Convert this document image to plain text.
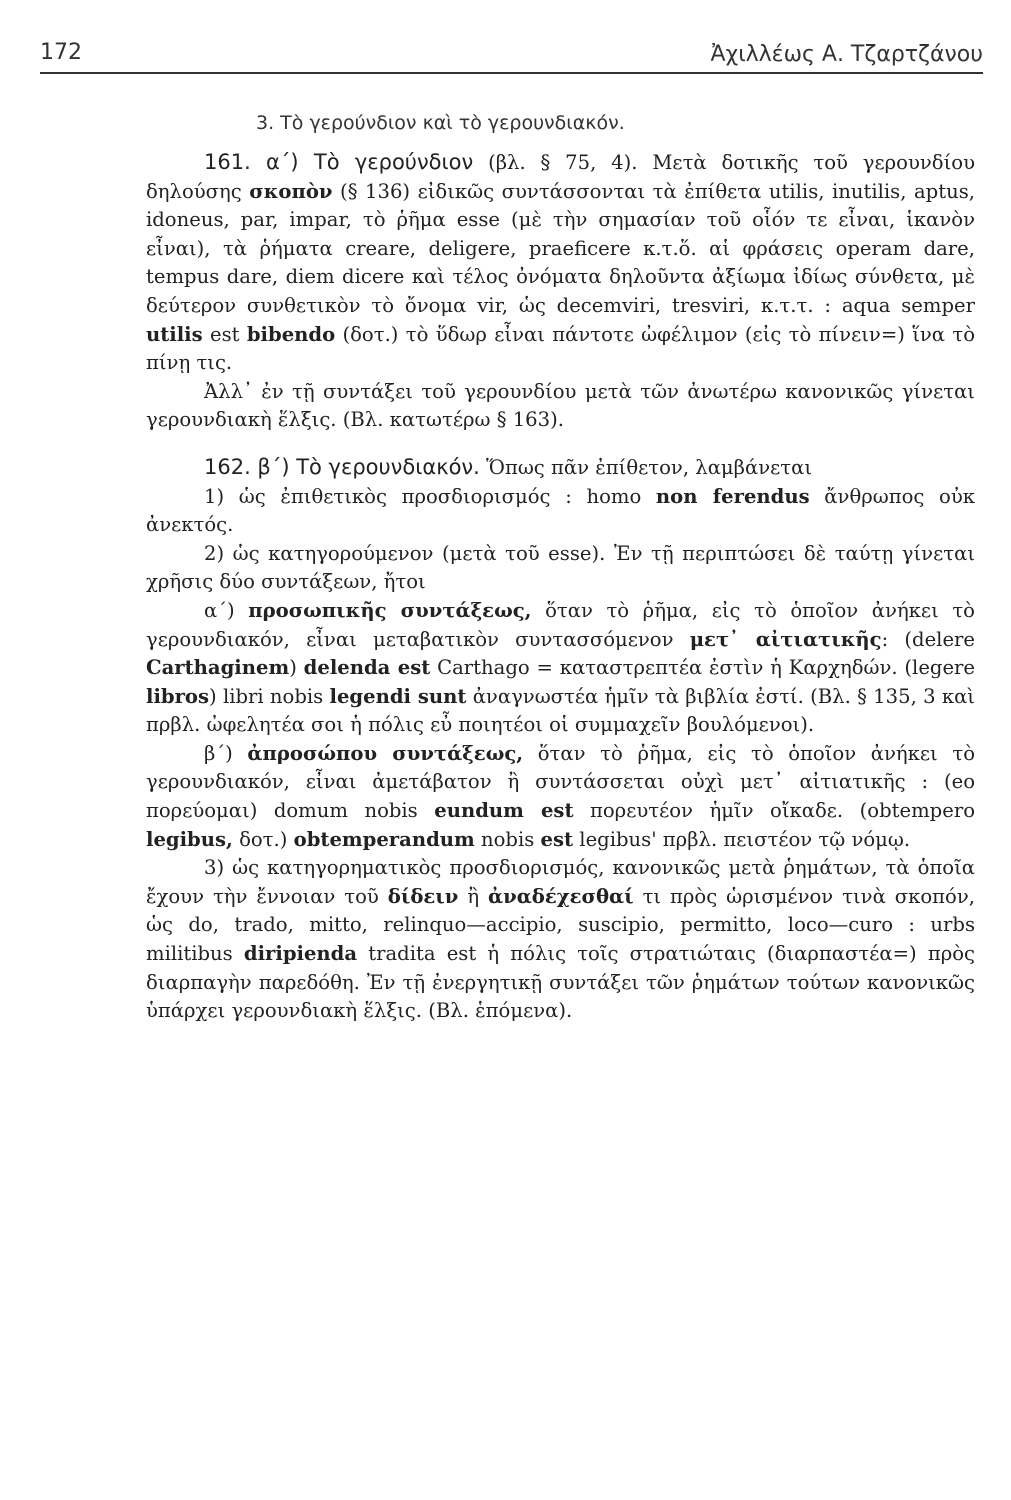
172	Ἀχιλλέως Α. Τζαρτζάνου
3. Τὸ γερούνδιον καὶ τὸ γερουνδιακόν.

161. α΄) Τὸ γερούνδιον (βλ. § 75, 4). Μετὰ δοτικῆς τοῦ γερουνδίου δηλούσης σκοπὸν (§ 136) εἰδικῶς συντάσσονται τὰ ἐπίθετα utilis, inutilis, aptus, idoneus, par, impar, τὸ ῥῆμα esse (μὲ τὴν σημασίαν τοῦ οἷόν τε εἶναι, ἱκανὸν εἶναι), τὰ ῥήματα creare, deligere, praeficere κ.τ.ὅ. αἱ φράσεις operam dare, tempus dare, diem dicere καὶ τέλος ὀνόματα δηλοῦντα ἀξίωμα ἰδίως σύνθετα, μὲ δεύτερον συνθετικὸν τὸ ὄνομα vir, ὡς decemviri, tresviri, κ.τ.τ. : aqua semper utilis est bibendo (δοτ.) τὸ ὕδωρ εἶναι πάντοτε ὠφέλιμον (εἰς τὸ πίνειν=) ἵνα τὸ πίνῃ τις.

Ἀλλ᾽ ἐν τῇ συντάξει τοῦ γερουνδίου μετὰ τῶν ἀνωτέρω κανονικῶς γίνεται γερουνδιακὴ ἕλξις. (Βλ. κατωτέρω § 163).

162. β΄) Τὸ γερουνδιακόν. Ὅπως πᾶν ἐπίθετον, λαμβάνεται

1) ὡς ἐπιθετικὸς προσδιορισμός : homo non ferendus ἄνθρωπος οὐκ ἀνεκτός.

2) ὡς κατηγορούμενον (μετὰ τοῦ esse). Ἐν τῇ περιπτώσει δὲ ταύτῃ γίνεται χρῆσις δύο συντάξεων, ἤτοι

α΄) προσωπικῆς συντάξεως, ὅταν τὸ ῥῆμα, εἰς τὸ ὁποῖον ἀνήκει τὸ γερουνδιακόν, εἶναι μεταβατικὸν συντασσόμενον μετ᾽ αἰτιατικῆς: (delere Carthaginem) delenda est Carthago = καταστρεπτέα ἐστὶν ἡ Καρχηδών. (legere libros) libri nobis legendi sunt ἀναγνωστέα ἡμῖν τὰ βιβλία ἐστί. (Βλ. § 135, 3 καὶ πρβλ. ὠφελητέα σοι ἡ πόλις εὖ ποιητέοι οἱ συμμαχεῖν βουλόμενοι).

β΄) ἀπροσώπου συντάξεως, ὅταν τὸ ῥῆμα, εἰς τὸ ὁποῖον ἀνήκει τὸ γερουνδιακόν, εἶναι ἀμετάβατον ἢ συντάσσεται οὐχὶ μετ᾽ αἰτιατικῆς : (eo πορεύομαι) domum nobis eundum est πορευτέον ἡμῖν οἴκαδε. (obtempero legibus, δοτ.) obtemperandum nobis est legibus' πρβλ. πειστέον τῷ νόμῳ.

3) ὡς κατηγορηματικὸς προσδιορισμός, κανονικῶς μετὰ ῥημάτων, τὰ ὁποῖα ἔχουν τὴν ἔννοιαν τοῦ δίδειν ἢ ἀναδέχεσθαί τι πρὸς ὡρισμένον τινὰ σκοπόν, ὡς do, trado, mitto, relinquo—accipio, suscipio, permitto, loco—curo : urbs militibus diripienda tradita est ἡ πόλις τοῖς στρατιώταις (διαρπαστέα=) πρὸς διαρπαγὴν παρεδόθη. Ἐν τῇ ἐνεργητικῇ συντάξει τῶν ῥημάτων τούτων κανονικῶς ὑπάρχει γερουνδιακὴ ἕλξις. (Βλ. ἑπόμενα).
